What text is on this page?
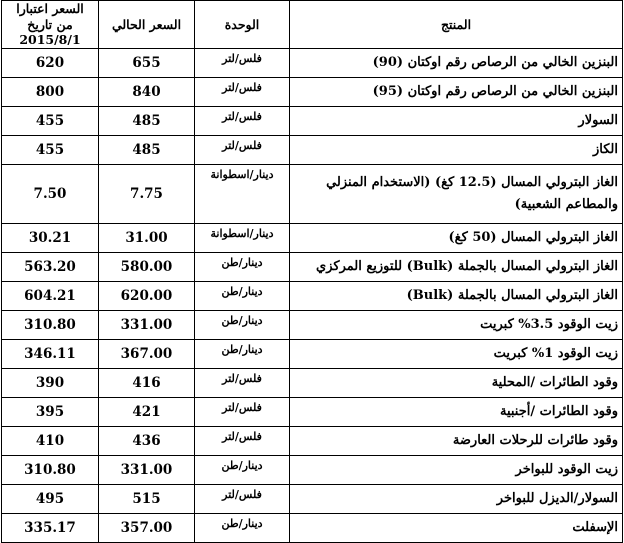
المنتج	الوحدة	السعر الحالي	السعر اعتبارا من تاريخ 2015/8/1
البنزين الخالي من الرصاص رقم اوكتان (90)	فلس/لتر	655	620
البنزين الخالي من الرصاص رقم اوكتان (95)	فلس/لتر	840	800
السولار	فلس/لتر	485	455
الكاز	فلس/لتر	485	455
الغاز البترولي المسال (12.5 كغ) (الاستخدام المنزلي والمطاعم الشعبية)	دينار/اسطوانة	7.75	7.50
الغاز البترولي المسال (50 كغ)	دينار/اسطوانة	31.00	30.21
الغاز البترولي المسال بالجملة (Bulk) للتوزيع المركزي	دينار/طن	580.00	563.20
الغاز البترولي المسال بالجملة (Bulk)	دينار/طن	620.00	604.21
زيت الوقود 3.5% كبريت	دينار/طن	331.00	310.80
زيت الوقود 1% كبريت	دينار/طن	367.00	346.11
وقود الطائرات /المحلية	فلس/لتر	416	390
وقود الطائرات /أجنبية	فلس/لتر	421	395
وقود طائرات للرحلات العارضة	فلس/لتر	436	410
زيت الوقود للبواخر	دينار/طن	331.00	310.80
السولار/الديزل للبواخر	فلس/لتر	515	495
الإسفلت	دينار/طن	357.00	335.17
